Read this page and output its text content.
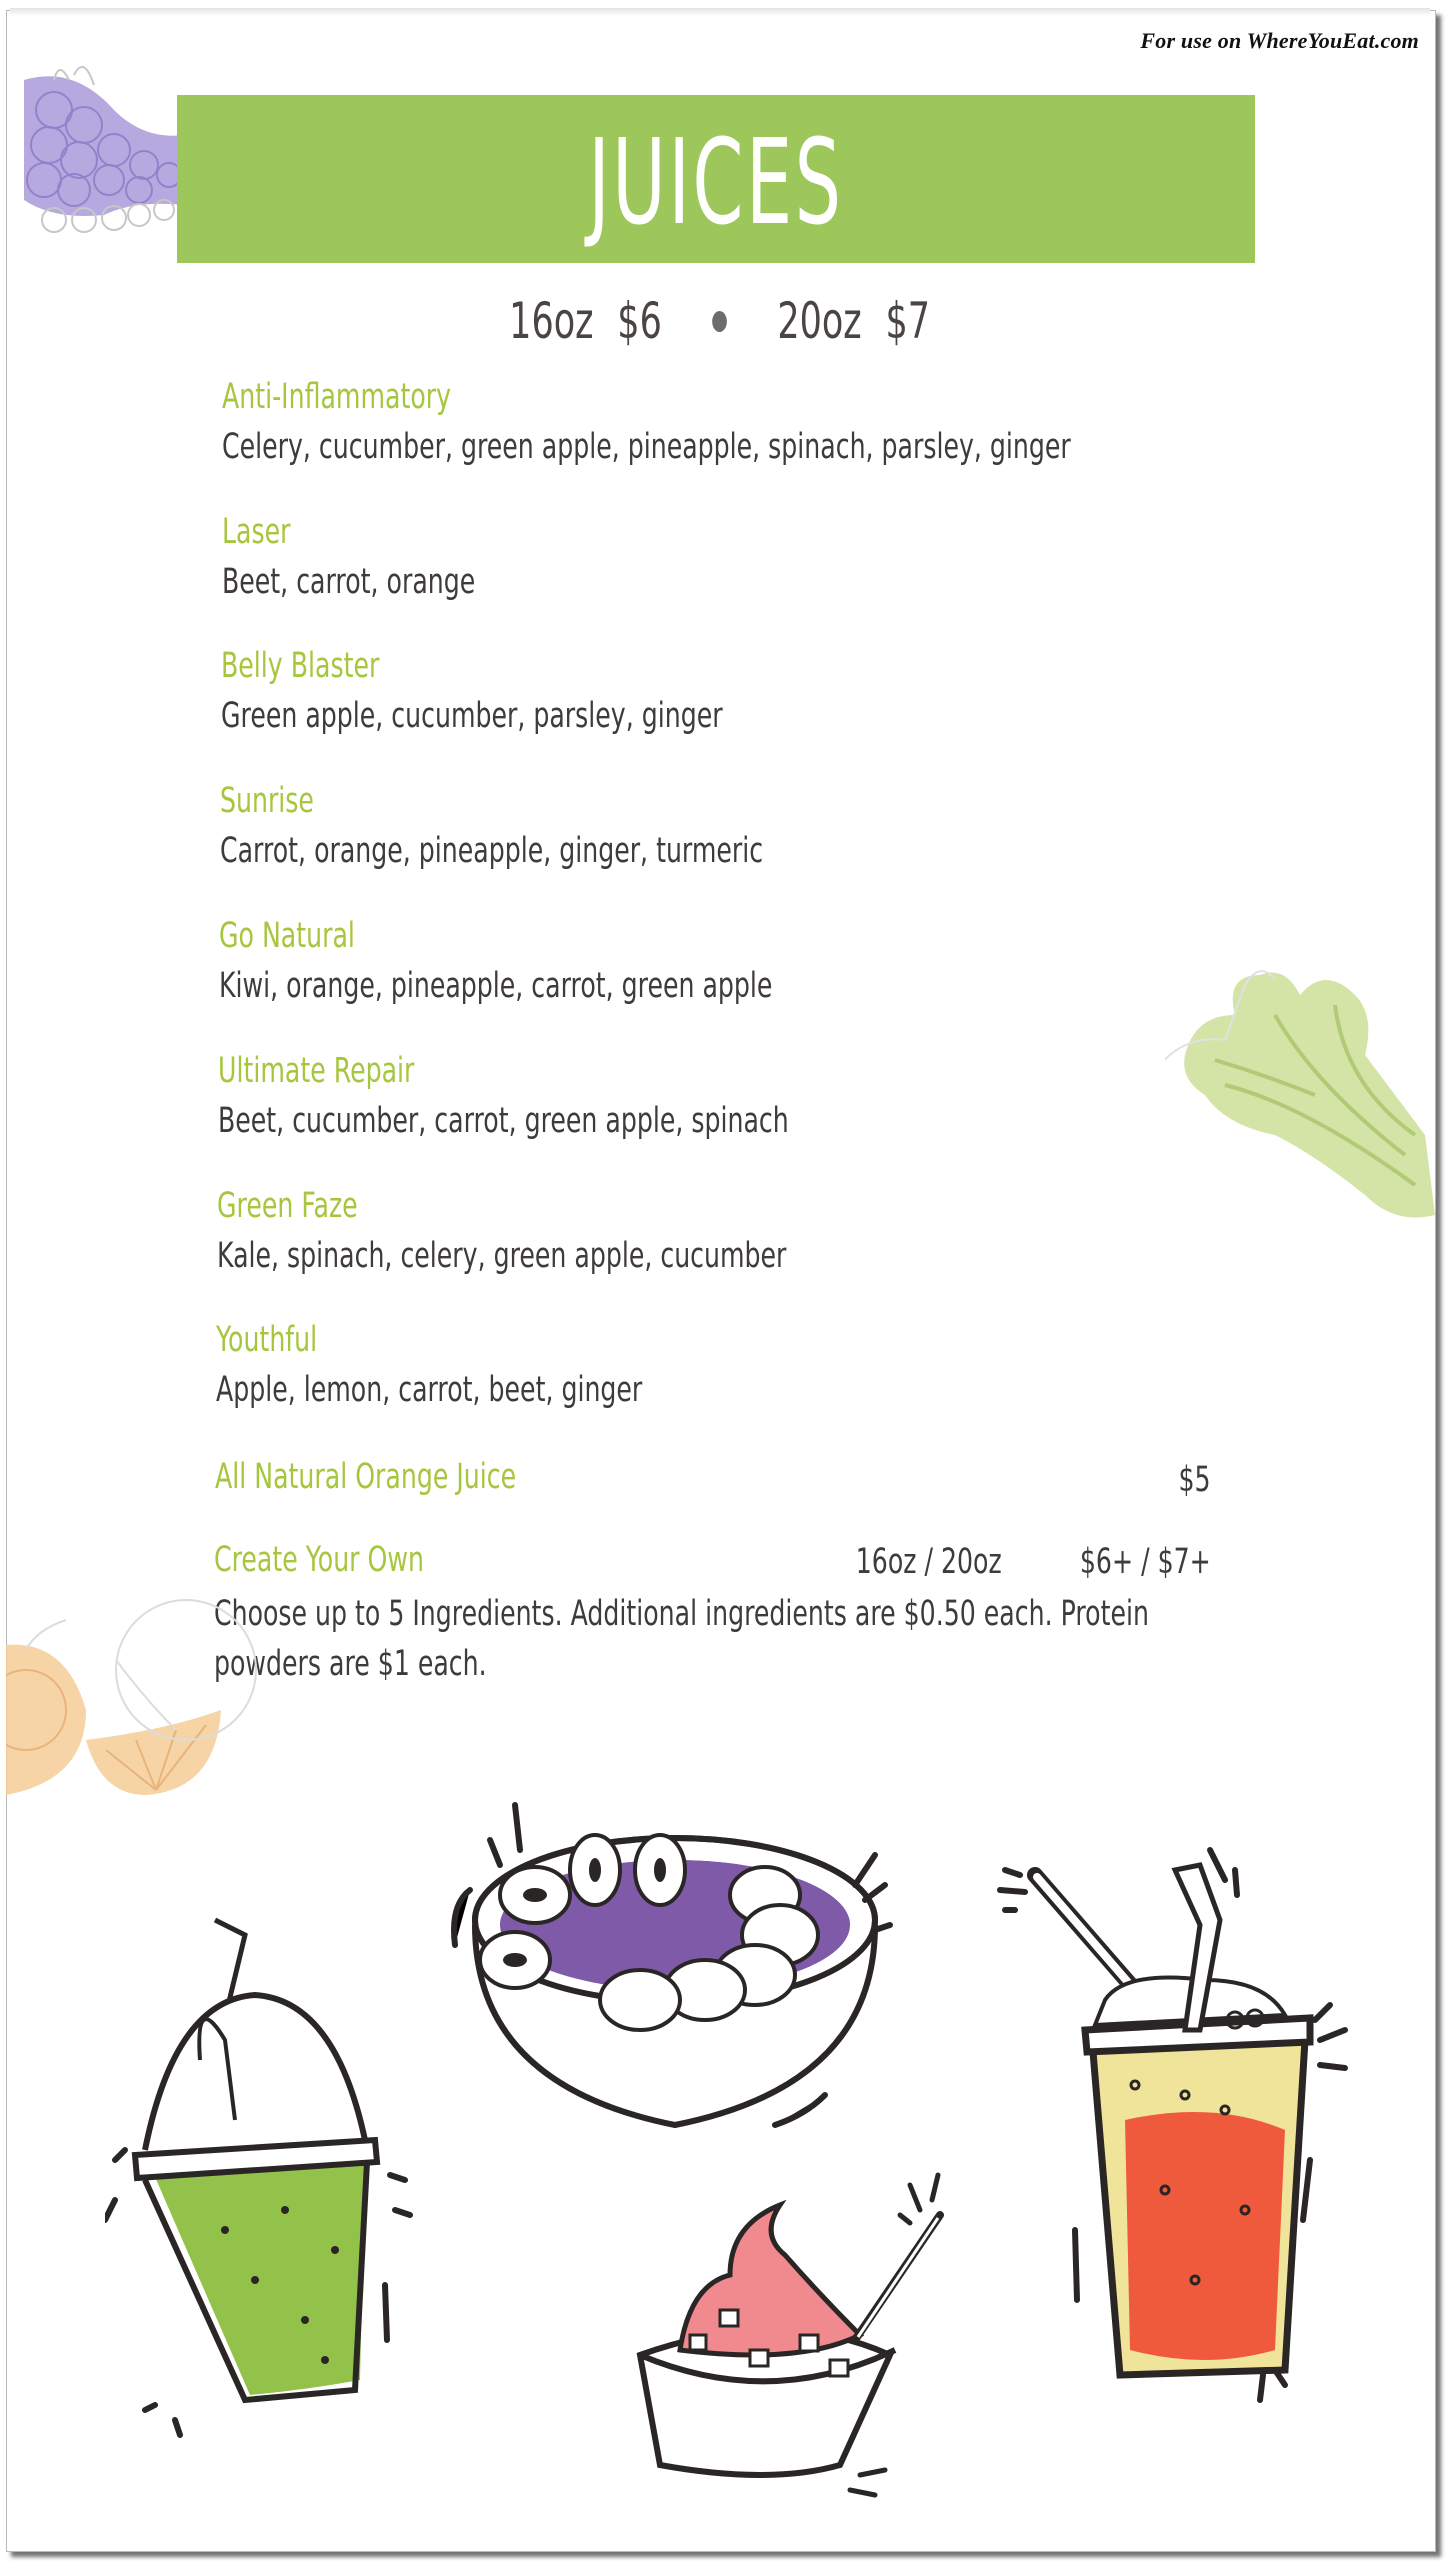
For use on WhereYouEat.com
JUICES
16oz $6 20oz $7
Anti-Inflammatory
Celery, cucumber, green apple, pineapple, spinach, parsley, ginger
Laser
Beet, carrot, orange
Belly Blaster
Green apple, cucumber, parsley, ginger
Sunrise
Carrot, orange, pineapple, ginger, turmeric
Go Natural
Kiwi, orange, pineapple, carrot, green apple
Ultimate Repair
Beet, cucumber, carrot, green apple, spinach
Green Faze
Kale, spinach, celery, green apple, cucumber
Youthful
Apple, lemon, carrot, beet, ginger
All Natural Orange Juice	$5
Create Your Own	16oz / 20oz $6+ / $7+
Choose up to 5 Ingredients. Additional ingredients are $0.50 each. Protein
powders are $1 each.
